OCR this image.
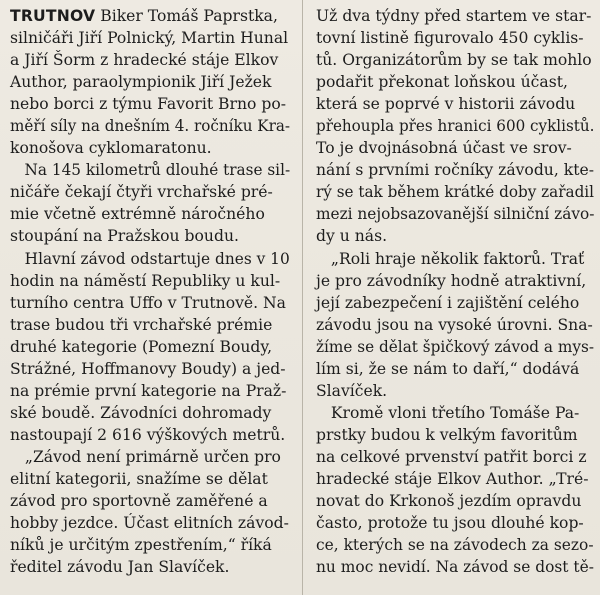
TRUTNOV Biker Tomáš Paprstka,
silničáři Jiří Polnický, Martin Hunal
a Jiří Šorm z hradecké stáje Elkov
Author, paraolympionik Jiří Ježek
nebo borci z týmu Favorit Brno po-
měří síly na dnešním 4. ročníku Kra-
konošova cyklomaratonu.
Na 145 kilometrů dlouhé trase sil-
ničáře čekají čtyři vrchařské pré-
mie včetně extrémně náročného
stoupání na Pražskou boudu.
Hlavní závod odstartuje dnes v 10
hodin na náměstí Republiky u kul-
turního centra Uffo v Trutnově. Na
trase budou tři vrchařské prémie
druhé kategorie (Pomezní Boudy,
Strážné, Hoffmanovy Boudy) a jed-
na prémie první kategorie na Praž-
ské boudě. Závodníci dohromady
nastoupají 2 616 výškových metrů.
„Závod není primárně určen pro
elitní kategorii, snažíme se dělat
závod pro sportovně zaměřené a
hobby jezdce. Účast elitních závod-
níků je určitým zpestřením,“ říká
ředitel závodu Jan Slavíček.
Už dva týdny před startem ve star-
tovní listině figurovalo 450 cyklis-
tů. Organizátorům by se tak mohlo
podařit překonat loňskou účast,
která se poprvé v historii závodu
přehoupla přes hranici 600 cyklistů.
To je dvojnásobná účast ve srov-
nání s prvními ročníky závodu, kte-
rý se tak během krátké doby zařadil
mezi nejobsazovanější silniční závo-
dy u nás.
„Roli hraje několik faktorů. Trať
je pro závodníky hodně atraktivní,
její zabezpečení i zajištění celého
závodu jsou na vysoké úrovni. Sna-
žíme se dělat špičkový závod a mys-
lím si, že se nám to daří,“ dodává
Slavíček.
Kromě vloni třetího Tomáše Pa-
prstky budou k velkým favoritům
na celkové prvenství patřit borci z
hradecké stáje Elkov Author. „Tré-
novat do Krkonoš jezdím opravdu
často, protože tu jsou dlouhé kop-
ce, kterých se na závodech za sezo-
nu moc nevidí. Na závod se dost tě-
